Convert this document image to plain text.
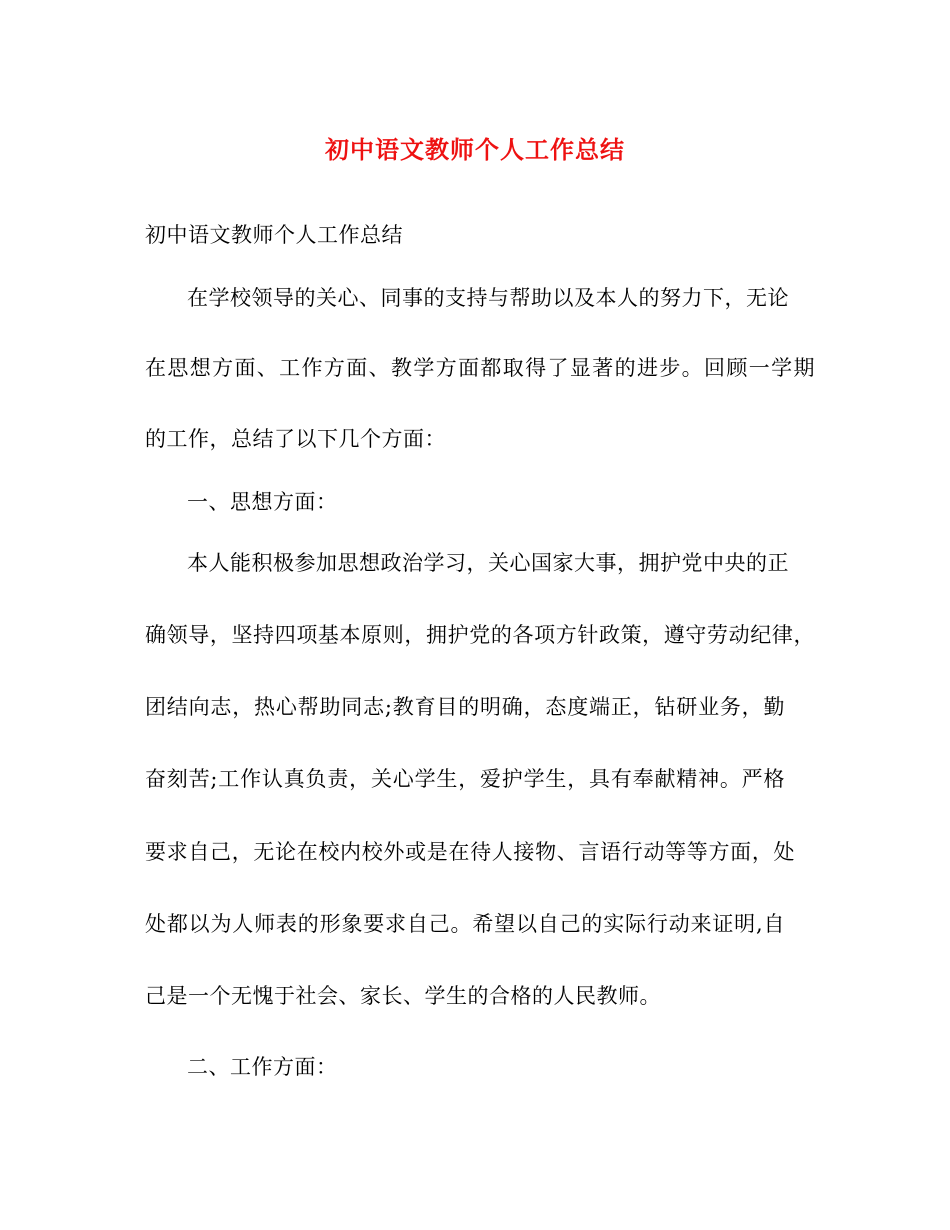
初中语文教师个人工作总结
初中语文教师个人工作总结
在学校领导的关心、同事的支持与帮助以及本人的努力下，无论
在思想方面、工作方面、教学方面都取得了显著的进步。回顾一学期
的工作，总结了以下几个方面：
一、思想方面：
本人能积极参加思想政治学习，关心国家大事，拥护党中央的正
确领导，坚持四项基本原则，拥护党的各项方针政策，遵守劳动纪律，
团结向志，热心帮助同志;教育目的明确，态度端正，钻研业务，勤
奋刻苦;工作认真负责，关心学生，爱护学生，具有奉献精神。严格
要求自己，无论在校内校外或是在待人接物、言语行动等等方面，处
处都以为人师表的形象要求自己。希望以自己的实际行动来证明,自
己是一个无愧于社会、家长、学生的合格的人民教师。
二、工作方面：
